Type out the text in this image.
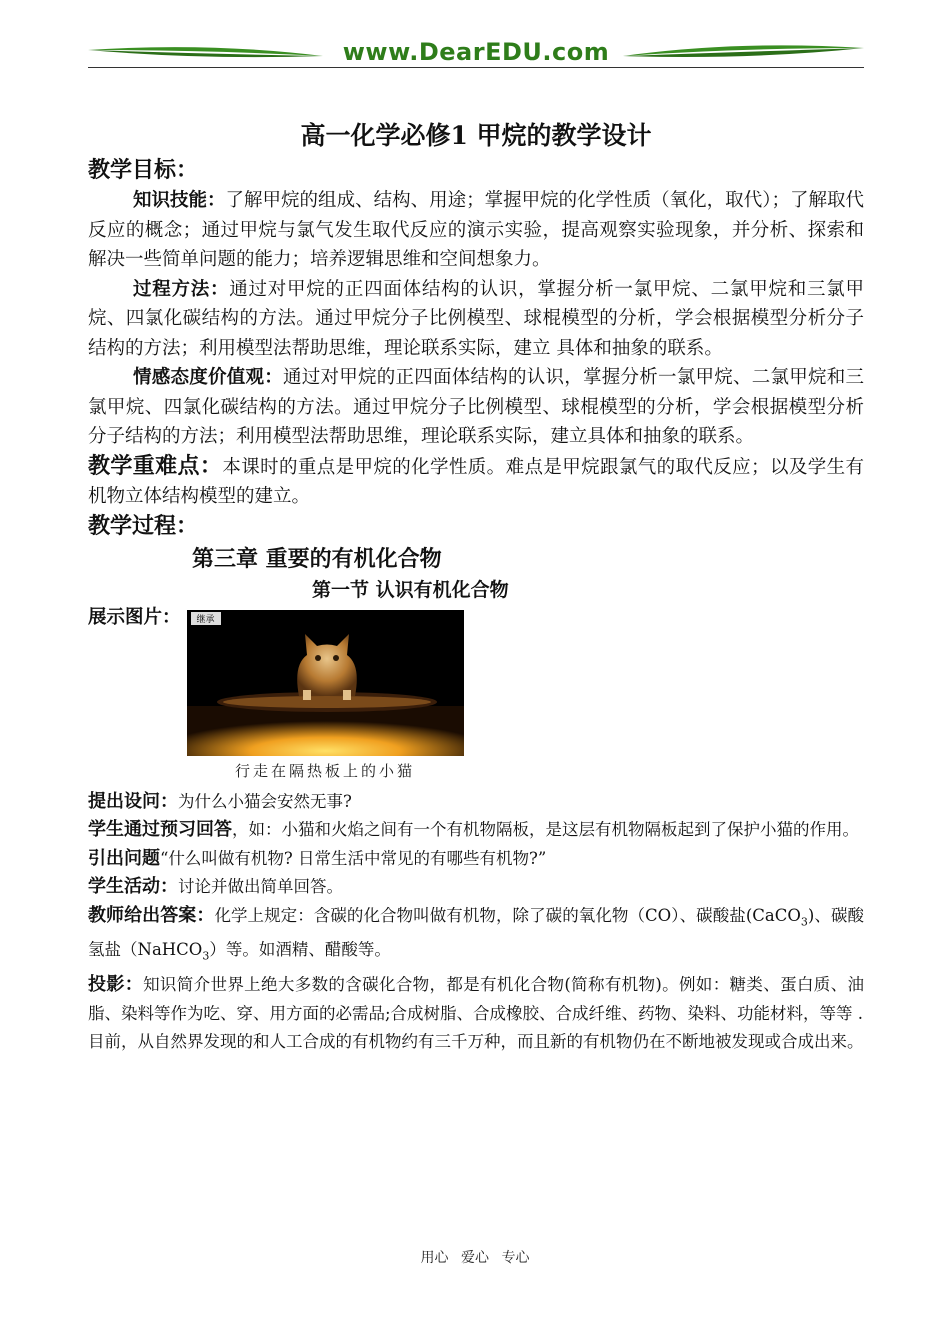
www.DearEDU.com
高一化学必修1 甲烷的教学设计
教学目标：

知识技能：了解甲烷的组成、结构、用途；掌握甲烷的化学性质（氧化，取代）；了解取代反应的概念；通过甲烷与氯气发生取代反应的演示实验，提高观察实验现象，并分析、探索和解决一些简单问题的能力；培养逻辑思维和空间想象力。

过程方法：通过对甲烷的正四面体结构的认识，掌握分析一氯甲烷、二氯甲烷和三氯甲烷、四氯化碳结构的方法。通过甲烷分子比例模型、球棍模型的分析，学会根据模型分析分子结构的方法；利用模型法帮助思维，理论联系实际，建立 具体和抽象的联系。

情感态度价值观：通过对甲烷的正四面体结构的认识，掌握分析一氯甲烷、二氯甲烷和三氯甲烷、四氯化碳结构的方法。通过甲烷分子比例模型、球棍模型的分析，学会根据模型分析分子结构的方法；利用模型法帮助思维，理论联系实际，建立具体和抽象的联系。

教学重难点：本课时的重点是甲烷的化学性质。难点是甲烷跟氯气的取代反应；以及学生有机物立体结构模型的建立。

教学过程：
第三章 重要的有机化合物
第一节 认识有机化合物
展示图片：	继承
行走在隔热板上的小猫

提出设问：为什么小猫会安然无事?

学生通过预习回答，如：小猫和火焰之间有一个有机物隔板，是这层有机物隔板起到了保护小猫的作用。

引出问题“什么叫做有机物? 日常生活中常见的有哪些有机物?”

学生活动：讨论并做出简单回答。

教师给出答案：化学上规定：含碳的化合物叫做有机物，除了碳的氧化物（CO）、碳酸盐(CaCO$_3$)、碳酸氢盐（NaHCO$_3$）等。如酒精、醋酸等。

投影：知识简介世界上绝大多数的含碳化合物，都是有机化合物(简称有机物)。例如：糖类、蛋白质、油脂、染料等作为吃、穿、用方面的必需品;合成树脂、合成橡胶、合成纤维、药物、染料、功能材料，等等 .

目前，从自然界发现的和人工合成的有机物约有三千万种，而且新的有机物仍在不断地被发现或合成出来。

用心 爱心 专心
